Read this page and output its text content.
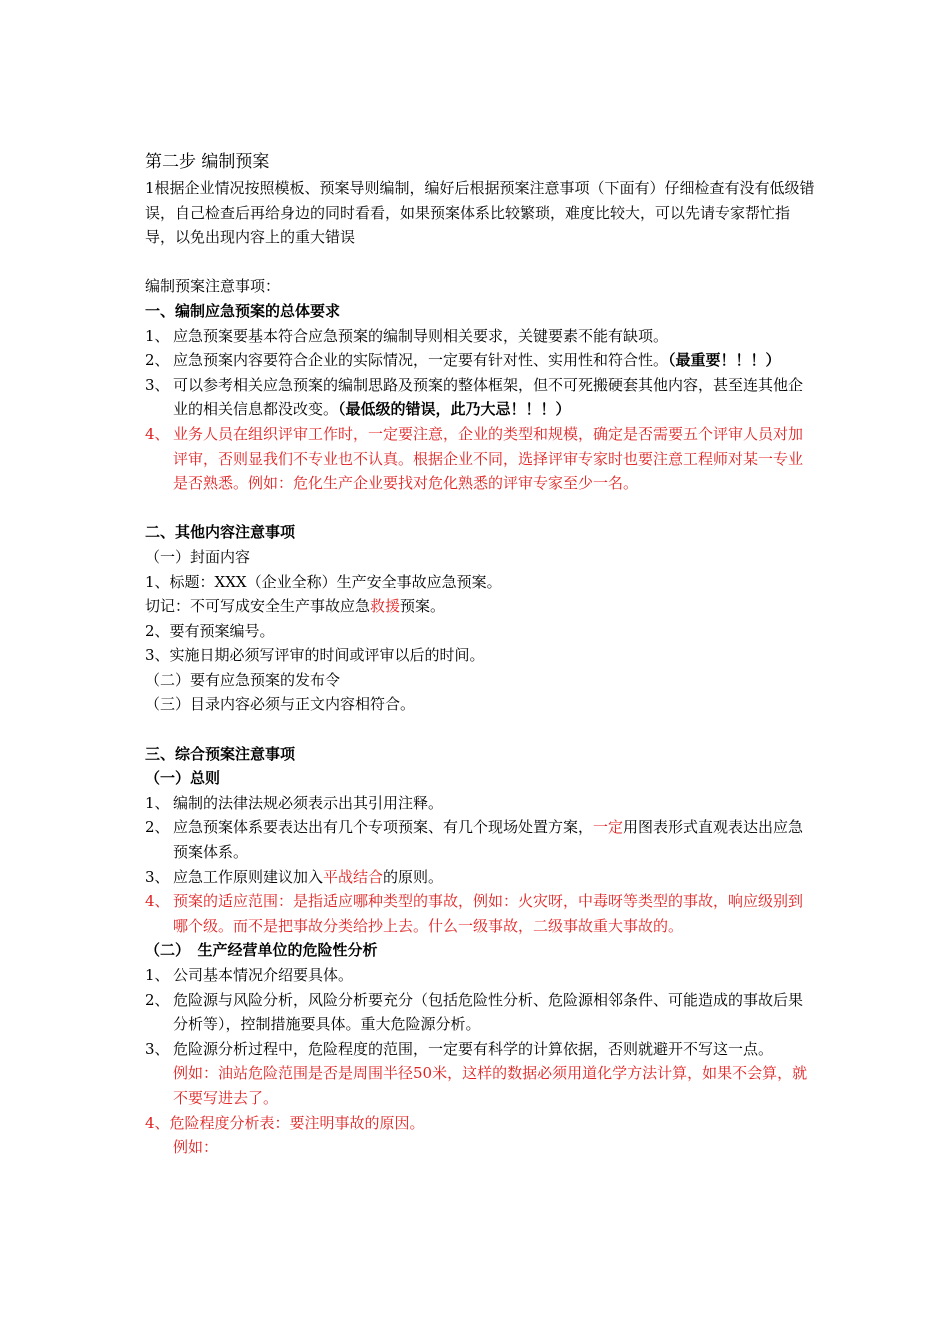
第二步 编制预案

1根据企业情况按照模板、预案导则编制，编好后根据预案注意事项（下面有）仔细检查有没有低级错误，自己检查后再给身边的同时看看，如果预案体系比较繁琐，难度比较大，可以先请专家帮忙指导，以免出现内容上的重大错误

编制预案注意事项：

一、编制应急预案的总体要求

1、 应急预案要基本符合应急预案的编制导则相关要求，关键要素不能有缺项。
2、 应急预案内容要符合企业的实际情况，一定要有针对性、实用性和符合性。（最重要！！！）
3、 可以参考相关应急预案的编制思路及预案的整体框架，但不可死搬硬套其他内容，甚至连其他企业的相关信息都没改变。（最低级的错误，此乃大忌！！！）
4、 业务人员在组织评审工作时，一定要注意，企业的类型和规模，确定是否需要五个评审人员对加评审，否则显我们不专业也不认真。根据企业不同，选择评审专家时也要注意工程师对某一专业是否熟悉。例如：危化生产企业要找对危化熟悉的评审专家至少一名。

二、其他内容注意事项

（一）封面内容

1、标题：XXX（企业全称）生产安全事故应急预案。

切记：不可写成安全生产事故应急救援预案。

2、要有预案编号。

3、实施日期必须写评审的时间或评审以后的时间。

（二）要有应急预案的发布令

（三）目录内容必须与正文内容相符合。

三、综合预案注意事项

（一）总则

1、 编制的法律法规必须表示出其引用注释。
2、 应急预案体系要表达出有几个专项预案、有几个现场处置方案，一定用图表形式直观表达出应急预案体系。
3、 应急工作原则建议加入平战结合的原则。
4、 预案的适应范围：是指适应哪种类型的事故，例如：火灾呀，中毒呀等类型的事故，响应级别到哪个级。而不是把事故分类给抄上去。什么一级事故，二级事故重大事故的。

（二）　生产经营单位的危险性分析

1、 公司基本情况介绍要具体。
2、 危险源与风险分析，风险分析要充分（包括危险性分析、危险源相邻条件、可能造成的事故后果分析等），控制措施要具体。重大危险源分析。
3、 危险源分析过程中，危险程度的范围，一定要有科学的计算依据，否则就避开不写这一点。
例如：油站危险范围是否是周围半径50米，这样的数据必须用道化学方法计算，如果不会算，就不要写进去了。

4、危险程度分析表：要注明事故的原因。

例如：
